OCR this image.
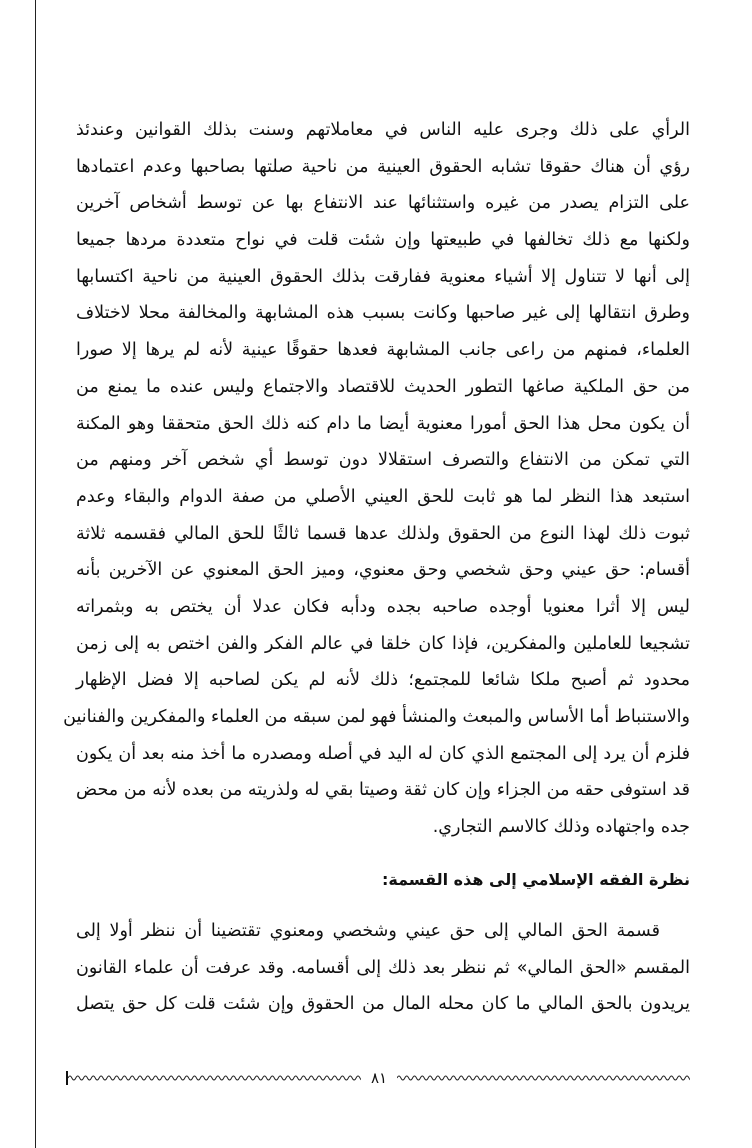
الرأي على ذلك وجرى عليه الناس في معاملاتهم وسنت بذلك القوانين وعندئذ
رؤي أن هناك حقوقا تشابه الحقوق العينية من ناحية صلتها بصاحبها وعدم اعتمادها
على التزام يصدر من غيره واستثنائها عند الانتفاع بها عن توسط أشخاص آخرين
ولكنها مع ذلك تخالفها في طبيعتها وإن شئت قلت في نواح متعددة مردها جميعا
إلى أنها لا تتناول إلا أشياء معنوية ففارقت بذلك الحقوق العينية من ناحية اكتسابها
وطرق انتقالها إلى غير صاحبها وكانت بسبب هذه المشابهة والمخالفة محلا لاختلاف
العلماء، فمنهم من راعى جانب المشابهة فعدها حقوقًا عينية لأنه لم يرها إلا صورا
من حق الملكية صاغها التطور الحديث للاقتصاد والاجتماع وليس عنده ما يمنع من
أن يكون محل هذا الحق أمورا معنوية أيضا ما دام كنه ذلك الحق متحققا وهو المكنة
التي تمكن من الانتفاع والتصرف استقلالا دون توسط أي شخص آخر ومنهم من
استبعد هذا النظر لما هو ثابت للحق العيني الأصلي من صفة الدوام والبقاء وعدم
ثبوت ذلك لهذا النوع من الحقوق ولذلك عدها قسما ثالثًا للحق المالي فقسمه ثلاثة
أقسام: حق عيني وحق شخصي وحق معنوي، وميز الحق المعنوي عن الآخرين بأنه
ليس إلا أثرا معنويا أوجده صاحبه بجده ودأبه فكان عدلا أن يختص به وبثمراته
تشجيعا للعاملين والمفكرين، فإذا كان خلقا في عالم الفكر والفن اختص به إلى زمن
محدود ثم أصبح ملكا شائعا للمجتمع؛ ذلك لأنه لم يكن لصاحبه إلا فضل الإظهار
والاستنباط أما الأساس والمبعث والمنشأ فهو لمن سبقه من العلماء والمفكرين والفنانين
فلزم أن يرد إلى المجتمع الذي كان له اليد في أصله ومصدره ما أخذ منه بعد أن يكون
قد استوفى حقه من الجزاء وإن كان ثقة وصيتا بقي له ولذريته من بعده لأنه من محض
جده واجتهاده وذلك كالاسم التجاري.
نظرة الفقه الإسلامي إلى هذه القسمة:
قسمة الحق المالي إلى حق عيني وشخصي ومعنوي تقتضينا أن ننظر أولا إلى
المقسم «الحق المالي» ثم ننظر بعد ذلك إلى أقسامه. وقد عرفت أن علماء القانون
يريدون بالحق المالي ما كان محله المال من الحقوق وإن شئت قلت كل حق يتصل
٨١
